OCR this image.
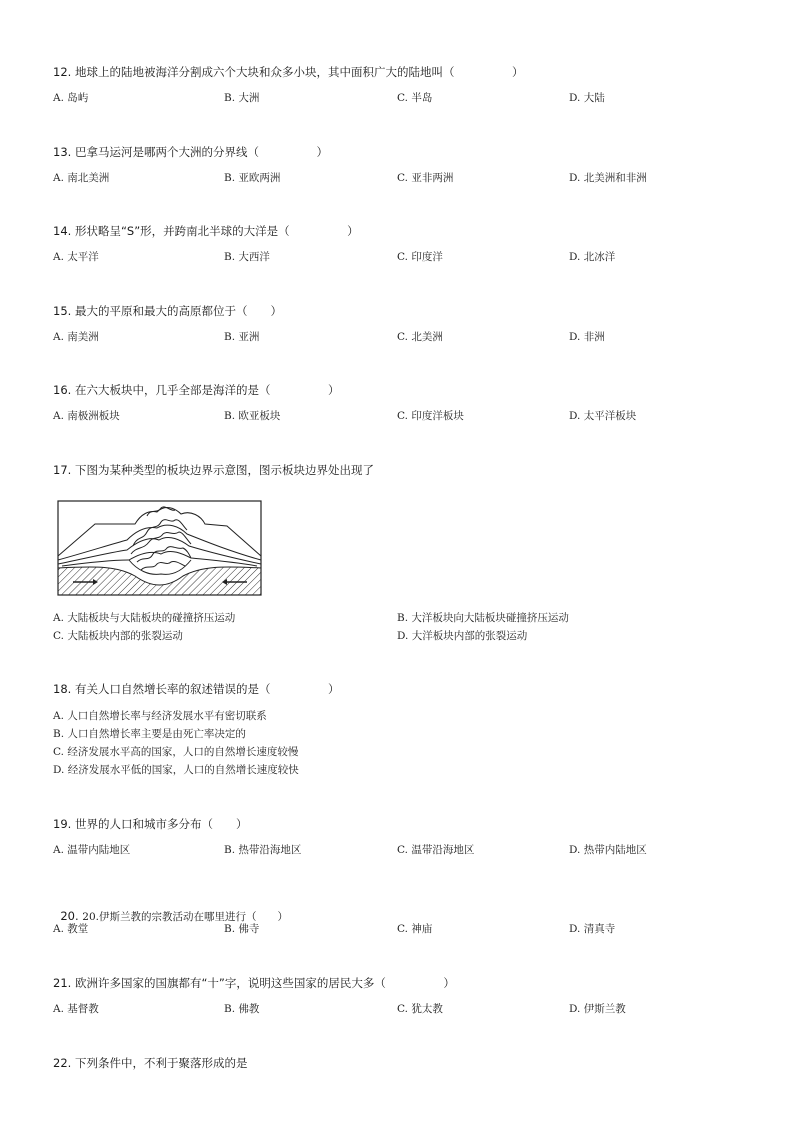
12. 地球上的陆地被海洋分割成六个大块和众多小块，其中面积广大的陆地叫（　　　　　）
A. 岛屿	B. 大洲	C. 半岛	D. 大陆
13. 巴拿马运河是哪两个大洲的分界线（　　　　　）
A. 南北美洲	B. 亚欧两洲	C. 亚非两洲	D. 北美洲和非洲
14. 形状略呈“S”形，并跨南北半球的大洋是（　　　　　）
A. 太平洋	B. 大西洋	C. 印度洋	D. 北冰洋
15. 最大的平原和最大的高原都位于（　　）
A. 南美洲	B. 亚洲	C. 北美洲	D. 非洲
16. 在六大板块中，几乎全部是海洋的是（　　　　　）
A. 南极洲板块	B. 欧亚板块	C. 印度洋板块	D. 太平洋板块
17. 下图为某种类型的板块边界示意图，图示板块边界处出现了
A. 大陆板块与大陆板块的碰撞挤压运动	B. 大洋板块向大陆板块碰撞挤压运动
C. 大陆板块内部的张裂运动	D. 大洋板块内部的张裂运动
18. 有关人口自然增长率的叙述错误的是（　　　　　）
A. 人口自然增长率与经济发展水平有密切联系
B. 人口自然增长率主要是由死亡率决定的
C. 经济发展水平高的国家，人口的自然增长速度较慢
D. 经济发展水平低的国家，人口的自然增长速度较快
19. 世界的人口和城市多分布（　　）
A. 温带内陆地区	B. 热带沿海地区	C. 温带沿海地区	D. 热带内陆地区

20. 20.伊斯兰教的宗教活动在哪里进行（　　）

A. 教堂	B. 佛寺	C. 神庙	D. 清真寺
21. 欧洲许多国家的国旗都有“十”字，说明这些国家的居民大多（　　　　　）
A. 基督教	B. 佛教	C. 犹太教	D. 伊斯兰教
22. 下列条件中，不利于聚落形成的是
